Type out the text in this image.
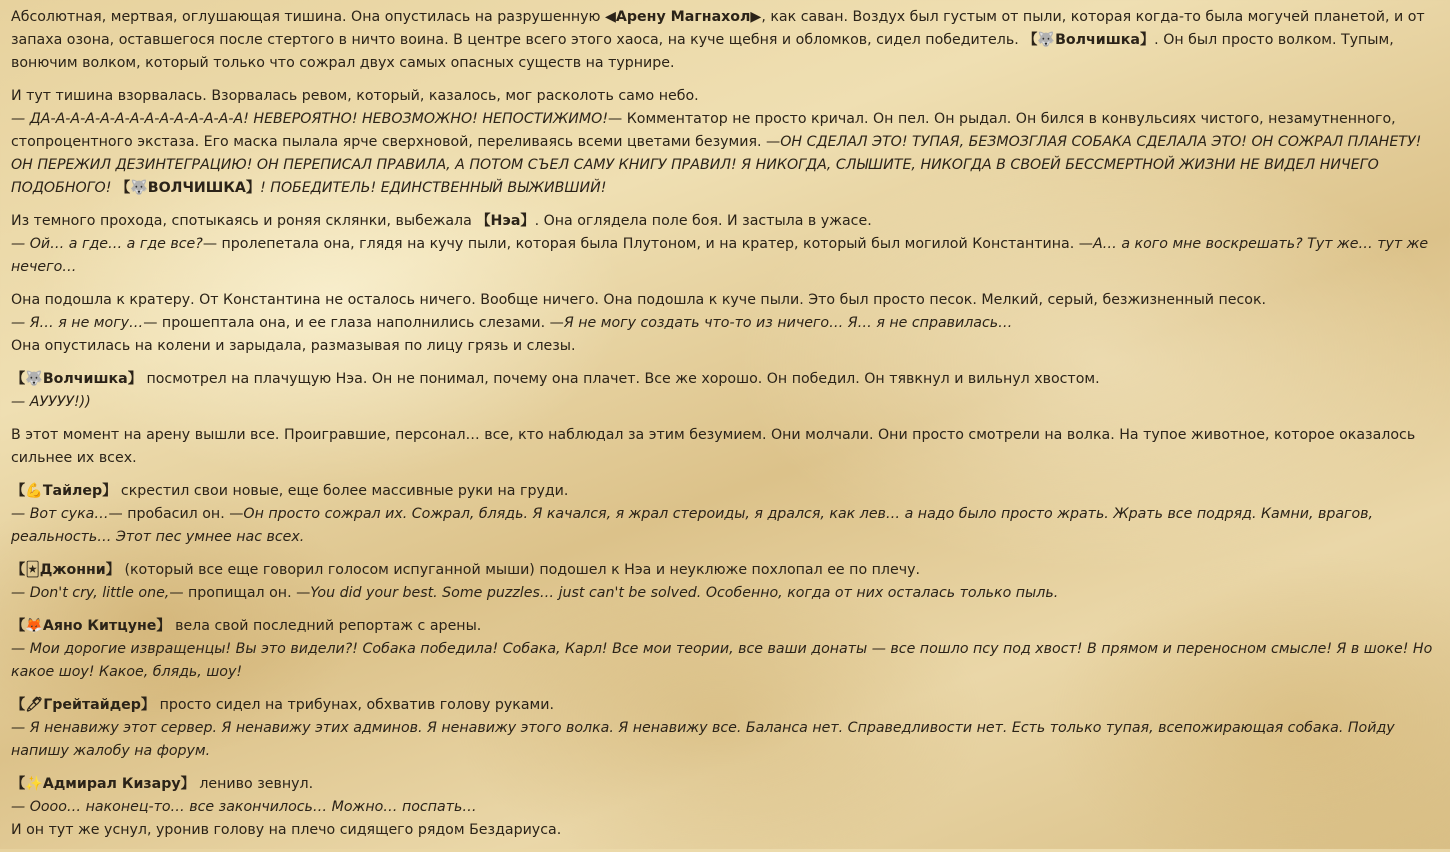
Абсолютная, мертвая, оглушающая тишина. Она опустилась на разрушенную ◀Арену Магнахол▶, как саван. Воздух был густым от пыли, которая когда-то была могучей планетой, и от запаха озона, оставшегося после стертого в ничто воина. В центре всего этого хаоса, на куче щебня и обломков, сидел победитель. 【🐺Волчишка】. Он был просто волком. Тупым, вонючим волком, который только что сожрал двух самых опасных существ на турнире.

И тут тишина взорвалась. Взорвалась ревом, который, казалось, мог расколоть само небо.
— ДА-А-А-А-А-А-А-А-А-А-А-А-А-А! НЕВЕРОЯТНО! НЕВОЗМОЖНО! НЕПОСТИЖИМО!— Комментатор не просто кричал. Он пел. Он рыдал. Он бился в конвульсиях чистого, незамутненного, стопроцентного экстаза. Его маска пылала ярче сверхновой, переливаясь всеми цветами безумия. —ОН СДЕЛАЛ ЭТО! ТУПАЯ, БЕЗМОЗГЛАЯ СОБАКА СДЕЛАЛА ЭТО! ОН СОЖРАЛ ПЛАНЕТУ! ОН ПЕРЕЖИЛ ДЕЗИНТЕГРАЦИЮ! ОН ПЕРЕПИСАЛ ПРАВИЛА, А ПОТОМ СЪЕЛ САМУ КНИГУ ПРАВИЛ! Я НИКОГДА, СЛЫШИТЕ, НИКОГДА В СВОЕЙ БЕССМЕРТНОЙ ЖИЗНИ НЕ ВИДЕЛ НИЧЕГО ПОДОБНОГО! 【🐺ВОЛЧИШКА】! ПОБЕДИТЕЛЬ! ЕДИНСТВЕННЫЙ ВЫЖИВШИЙ!

Из темного прохода, спотыкаясь и роняя склянки, выбежала 【Нэа】. Она оглядела поле боя. И застыла в ужасе.
— Ой… а где… а где все?— пролепетала она, глядя на кучу пыли, которая была Плутоном, и на кратер, который был могилой Константина. —А… а кого мне воскрешать? Тут же… тут же нечего…

Она подошла к кратеру. От Константина не осталось ничего. Вообще ничего. Она подошла к куче пыли. Это был просто песок. Мелкий, серый, безжизненный песок.
— Я… я не могу…— прошептала она, и ее глаза наполнились слезами. —Я не могу создать что-то из ничего… Я… я не справилась…
Она опустилась на колени и зарыдала, размазывая по лицу грязь и слезы.

【🐺Волчишка】 посмотрел на плачущую Нэа. Он не понимал, почему она плачет. Все же хорошо. Он победил. Он тявкнул и вильнул хвостом.
— АУУУУ!))

В этот момент на арену вышли все. Проигравшие, персонал… все, кто наблюдал за этим безумием. Они молчали. Они просто смотрели на волка. На тупое животное, которое оказалось сильнее их всех.

【💪Тайлер】 скрестил свои новые, еще более массивные руки на груди.
— Вот сука…— пробасил он. —Он просто сожрал их. Сожрал, блядь. Я качался, я жрал стероиды, я дрался, как лев… а надо было просто жрать. Жрать все подряд. Камни, врагов, реальность… Этот пес умнее нас всех.

【🃏Джонни】 (который все еще говорил голосом испуганной мыши) подошел к Нэа и неуклюже похлопал ее по плечу.
— Don't cry, little one,— пропищал он. —You did your best. Some puzzles… just can't be solved. Особенно, когда от них осталась только пыль.

【🦊Аяно Китцуне】 вела свой последний репортаж с арены.
— Мои дорогие извращенцы! Вы это видели?! Собака победила! Собака, Карл! Все мои теории, все ваши донаты — все пошло псу под хвост! В прямом и переносном смысле! Я в шоке! Но какое шоу! Какое, блядь, шоу!

【🖊Грейтайдер】 просто сидел на трибунах, обхватив голову руками.
— Я ненавижу этот сервер. Я ненавижу этих админов. Я ненавижу этого волка. Я ненавижу все. Баланса нет. Справедливости нет. Есть только тупая, всепожирающая собака. Пойду напишу жалобу на форум.

【✨Адмирал Кизару】 лениво зевнул.
— Оооо… наконец-то… все закончилось… Можно… поспать…
И он тут же уснул, уронив голову на плечо сидящего рядом Бездариуса.
